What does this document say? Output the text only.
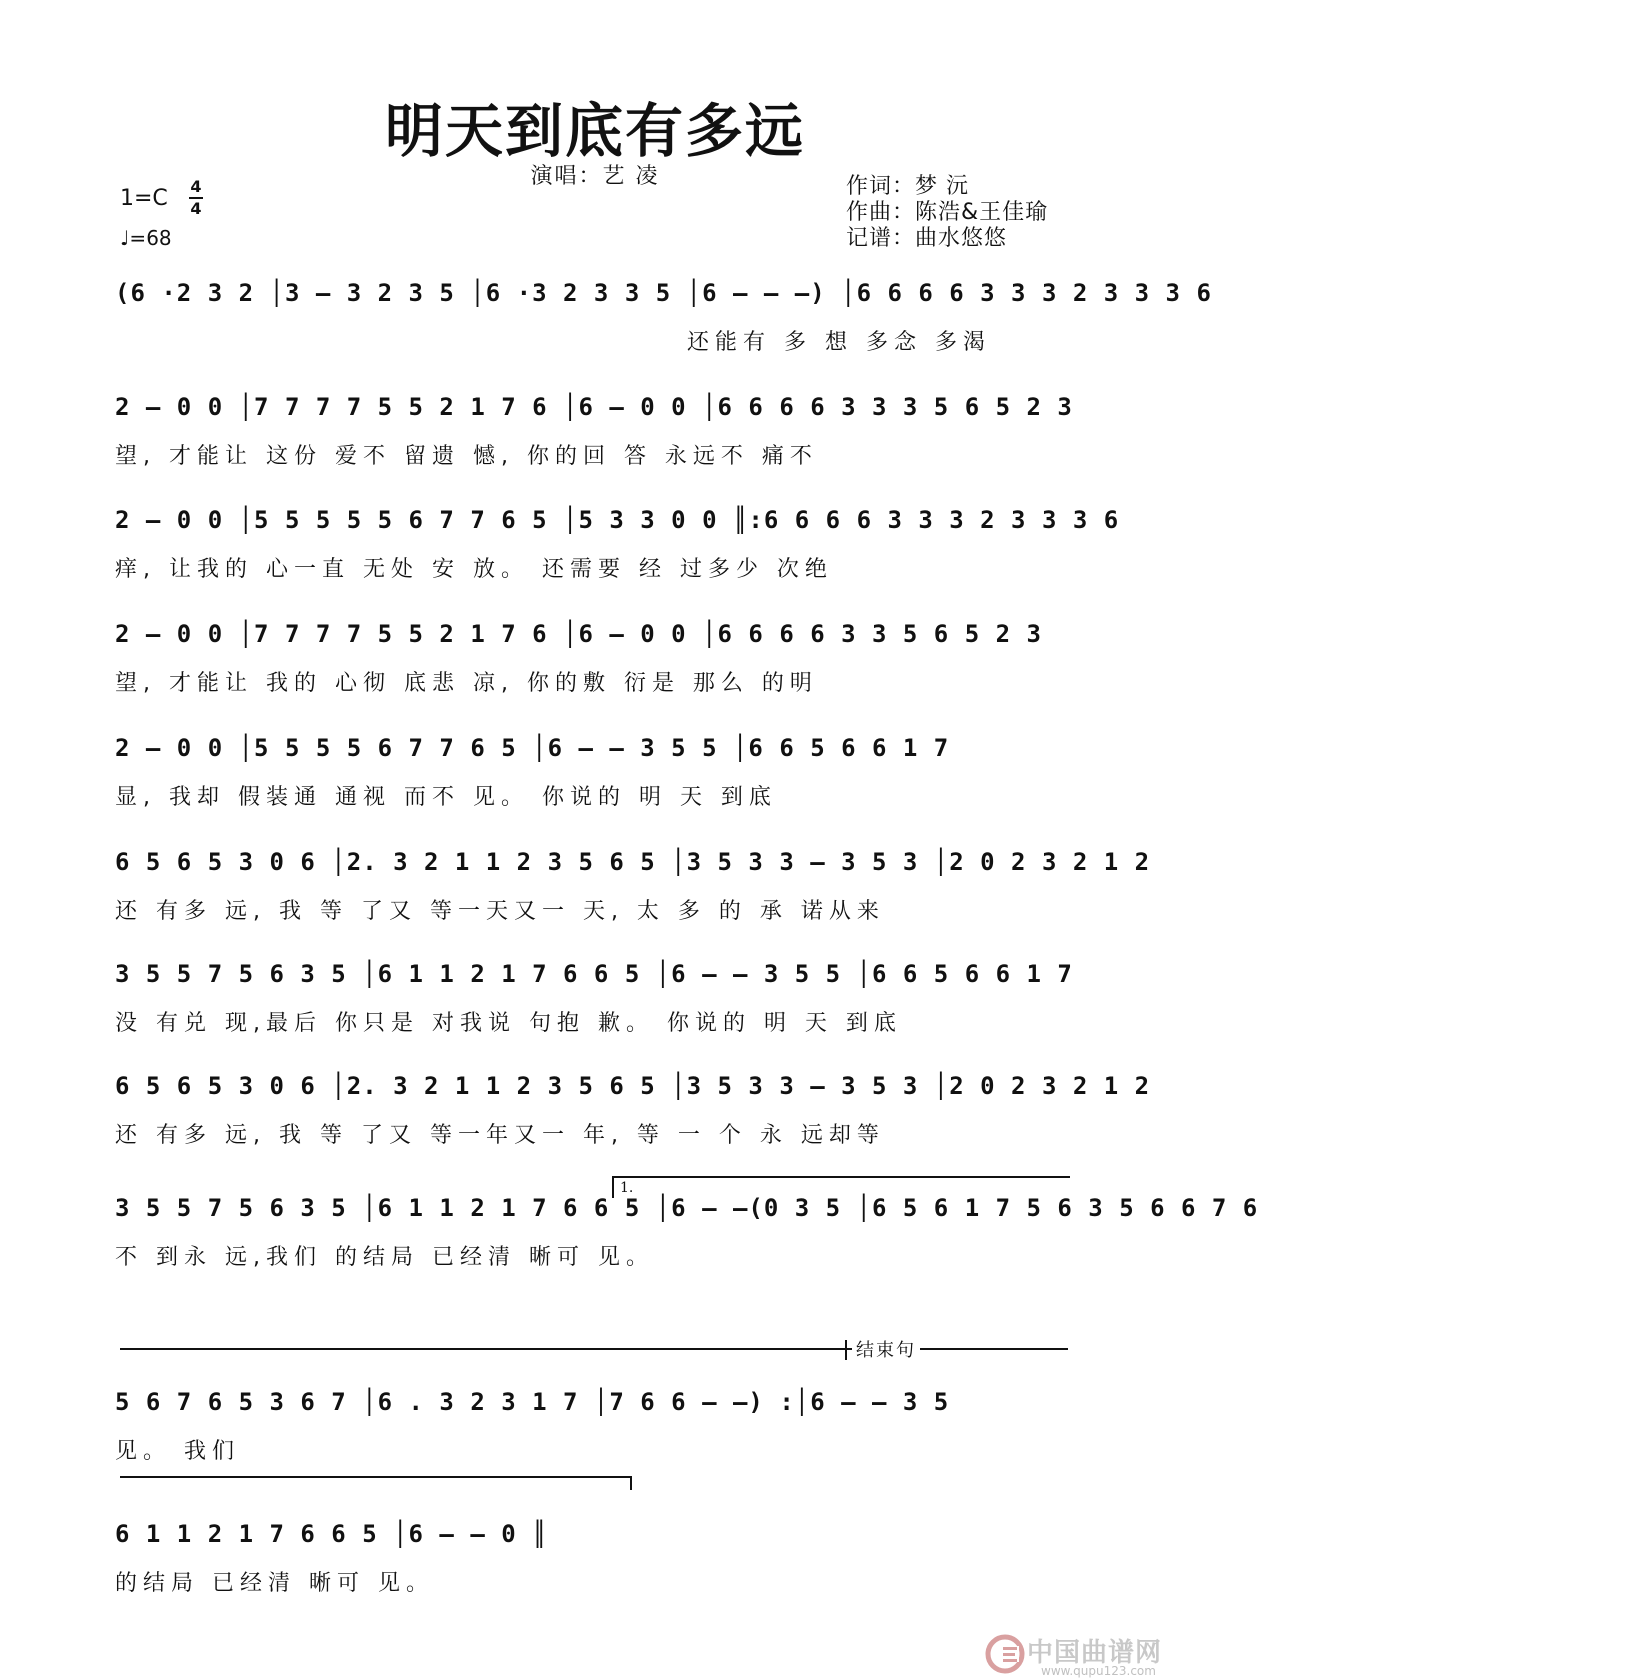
明天到底有多远
演唱：艺 凌
1=C 4
4
♩=68
作词：梦 沅
作曲：陈浩&王佳瑜
记谱：曲水悠悠
(6 ·2 3 2 │3 – 3 2 3 5 │6 ·3 2 3 3 5 │6 – – –) │6 6 6 6 3 3 3 2 3 3 3 6
还能有 多 想 多念 多渴
2 – 0 0 │7 7 7 7 5 5 2 1 7 6 │6 – 0 0 │6 6 6 6 3 3 3 5 6 5 2 3
望, 才能让 这份 爱不 留遗 憾, 你的回 答 永远不 痛不
2 – 0 0 │5 5 5 5 5 6 7 7 6 5 │5 3 3 0 0 ║:6 6 6 6 3 3 3 2 3 3 3 6
痒, 让我的 心一直 无处 安 放。 还需要 经 过多少 次绝
2 – 0 0 │7 7 7 7 5 5 2 1 7 6 │6 – 0 0 │6 6 6 6 3 3 5 6 5 2 3
望, 才能让 我的 心彻 底悲 凉, 你的敷 衍是 那么 的明
2 – 0 0 │5 5 5 5 6 7 7 6 5 │6 – – 3 5 5 │6 6 5 6 6 1 7
显, 我却 假装通 通视 而不 见。 你说的 明 天 到底
6 5 6 5 3 0 6 │2. 3 2 1 1 2 3 5 6 5 │3 5 3 3 – 3 5 3 │2 0 2 3 2 1 2
还 有多 远, 我 等 了又 等一天又一 天, 太 多 的 承 诺从来
3 5 5 7 5 6 3 5 │6 1 1 2 1 7 6 6 5 │6 – – 3 5 5 │6 6 5 6 6 1 7
没 有兑 现,最后 你只是 对我说 句抱 歉。 你说的 明 天 到底
6 5 6 5 3 0 6 │2. 3 2 1 1 2 3 5 6 5 │3 5 3 3 – 3 5 3 │2 0 2 3 2 1 2
还 有多 远, 我 等 了又 等一年又一 年, 等 一 个 永 远却等
1.
3 5 5 7 5 6 3 5 │6 1 1 2 1 7 6 6 5 │6 – –(0 3 5 │6 5 6 1 7 5 6 3 5 6 6 7 6
不 到永 远,我们 的结局 已经清 晰可 见。
结束句
5 6 7 6 5 3 6 7 │6 . 3 2 3 1 7 │7 6 6 – –) :│6 – – 3 5
见。 我们
6 1 1 2 1 7 6 6 5 │6 – – 0 ║
的结局 已经清 晰可 见。
中国曲谱网
www.qupu123.com
